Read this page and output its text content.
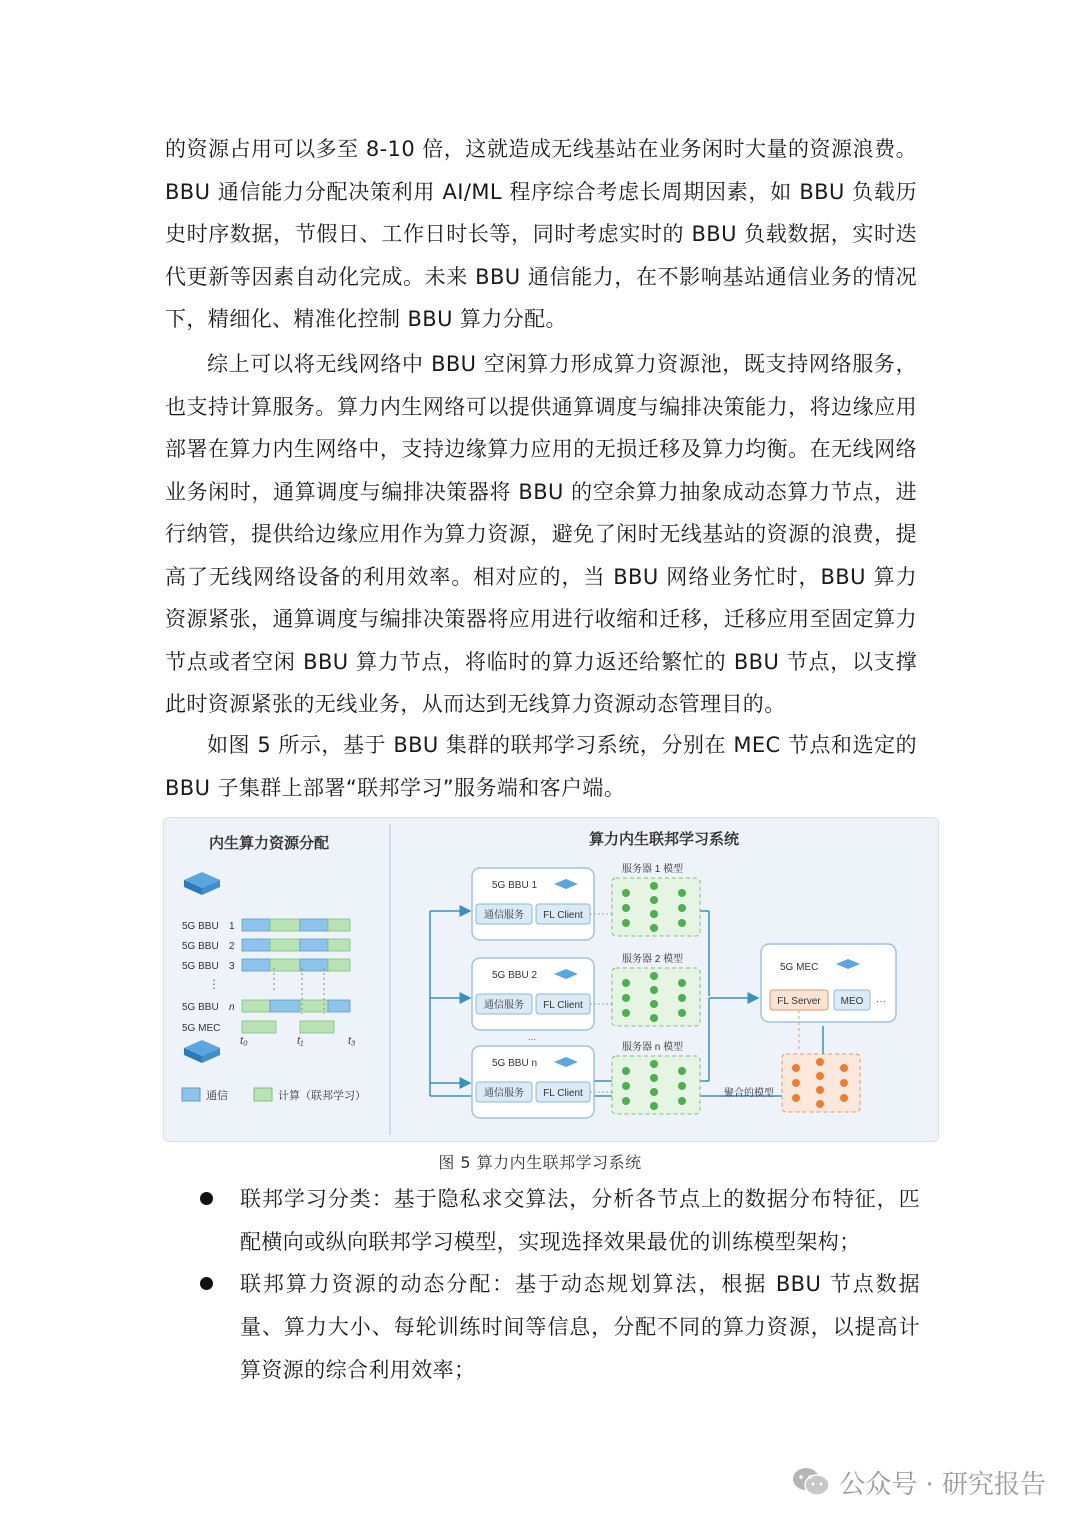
的资源占用可以多至 8-10 倍，这就造成无线基站在业务闲时大量的资源浪费。BBU 通信能力分配决策利用 AI/ML 程序综合考虑长周期因素，如 BBU 负载历史时序数据，节假日、工作日时长等，同时考虑实时的 BBU 负载数据，实时迭代更新等因素自动化完成。未来 BBU 通信能力，在不影响基站通信业务的情况下，精细化、精准化控制 BBU 算力分配。

综上可以将无线网络中 BBU 空闲算力形成算力资源池，既支持网络服务，也支持计算服务。算力内生网络可以提供通算调度与编排决策能力，将边缘应用部署在算力内生网络中，支持边缘算力应用的无损迁移及算力均衡。在无线网络业务闲时，通算调度与编排决策器将 BBU 的空余算力抽象成动态算力节点，进行纳管，提供给边缘应用作为算力资源，避免了闲时无线基站的资源的浪费，提高了无线网络设备的利用效率。相对应的，当 BBU 网络业务忙时，BBU 算力资源紧张，通算调度与编排决策器将应用进行收缩和迁移，迁移应用至固定算力节点或者空闲 BBU 算力节点，将临时的算力返还给繁忙的 BBU 节点，以支撑此时资源紧张的无线业务，从而达到无线算力资源动态管理目的。

如图 5 所示，基于 BBU 集群的联邦学习系统，分别在 MEC 节点和选定的 BBU 子集群上部署“联邦学习”服务端和客户端。

内生算力资源分配
5G BBU 1
5G BBU 2
5G BBU 3
5G BBU n
5G MEC
⋮
t₀	t₁	t₃
通信	计算（联邦学习）
算力内生联邦学习系统
5G BBU 1
通信服务 FL Client
服务器 1 模型
5G BBU 2
通信服务 FL Client
服务器 2 模型
5G BBU n
通信服务 FL Client
服务器 n 模型
...
5G MEC
FL Server MEO ···
聚合的模型
图 5 算力内生联邦学习系统
联邦学习分类：基于隐私求交算法，分析各节点上的数据分布特征，匹配横向或纵向联邦学习模型，实现选择效果最优的训练模型架构；
联邦算力资源的动态分配：基于动态规划算法，根据 BBU 节点数据量、算力大小、每轮训练时间等信息，分配不同的算力资源，以提高计算资源的综合利用效率；
公众号 · 研究报告
